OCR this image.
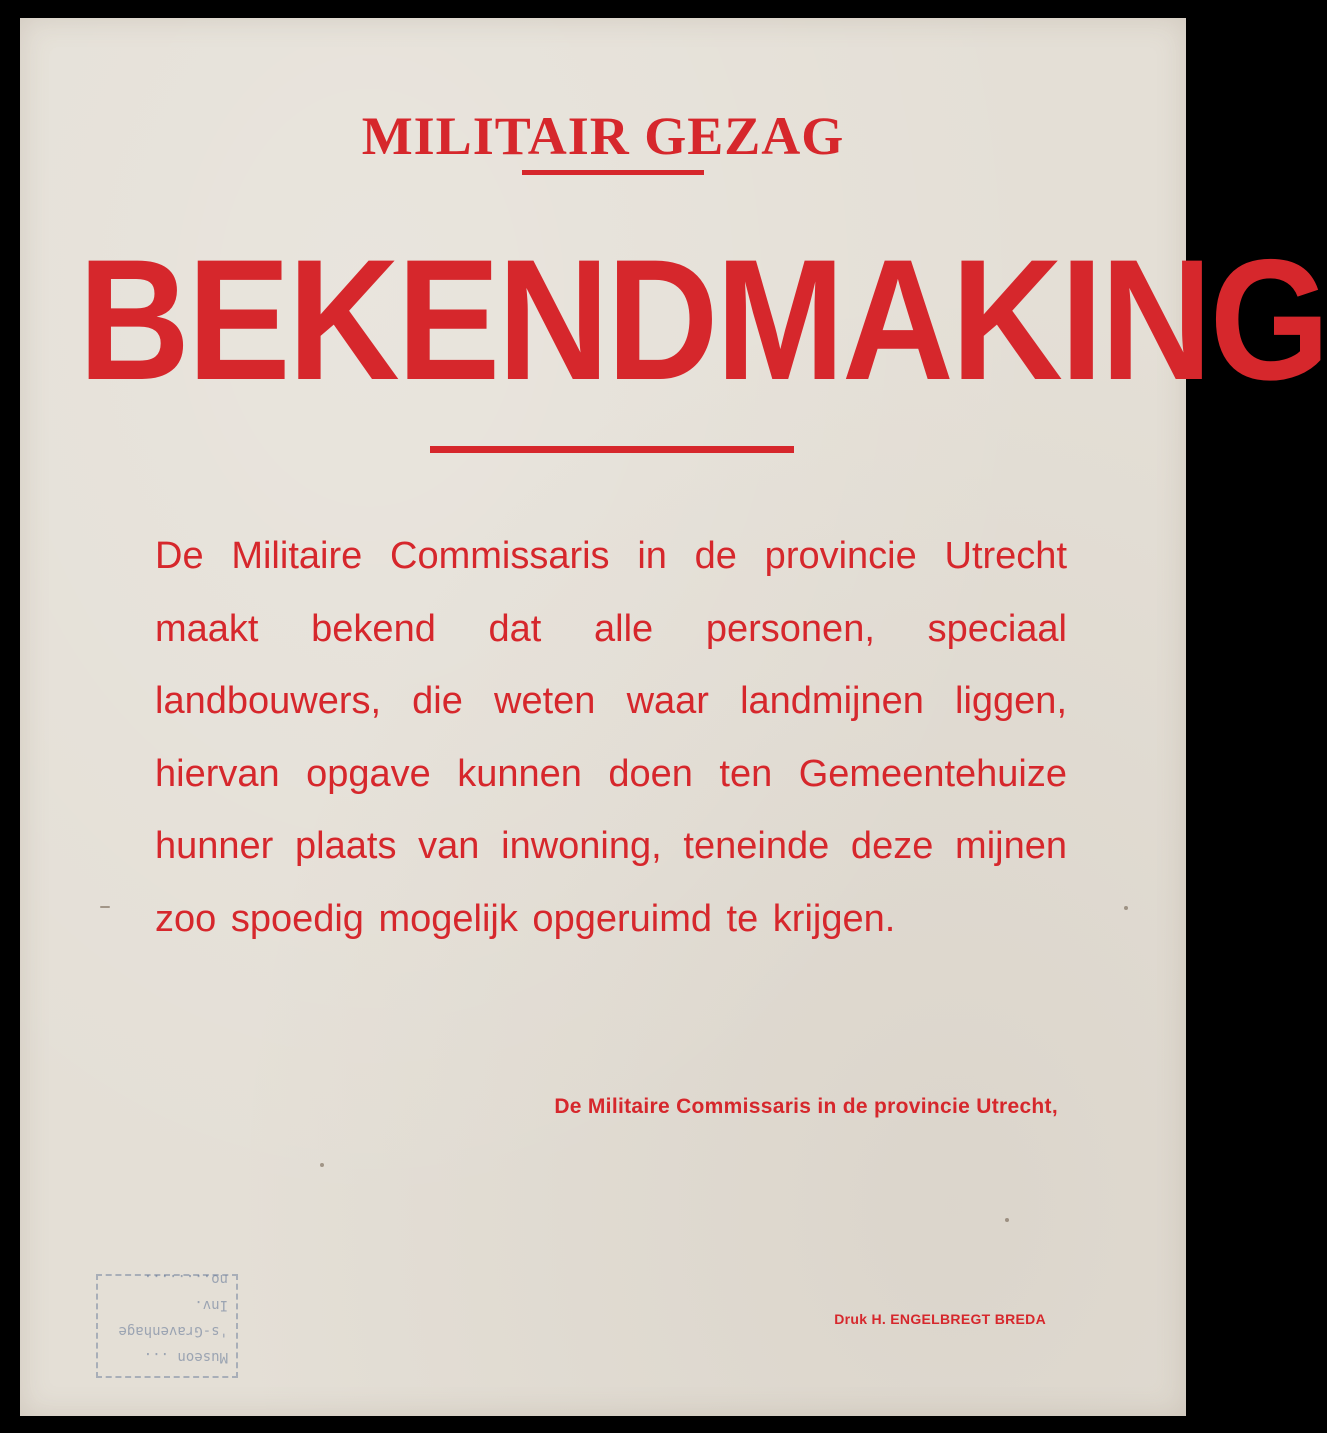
MILITAIR GEZAG
BEKENDMAKING

De Militaire Commissaris in de provincie Utrecht maakt bekend dat alle personen, speciaal landbouwers, die weten waar landmijnen liggen, hiervan opgave kunnen doen ten Gemeentehuize hunner plaats van inwoning, teneinde deze mijnen zoo spoedig mogelijk opgeruimd te krijgen.

De Militaire Commissaris in de provincie Utrecht,
Druk H. ENGELBREGT BREDA
Museon ...
's-Gravenhage
Inv. no........
